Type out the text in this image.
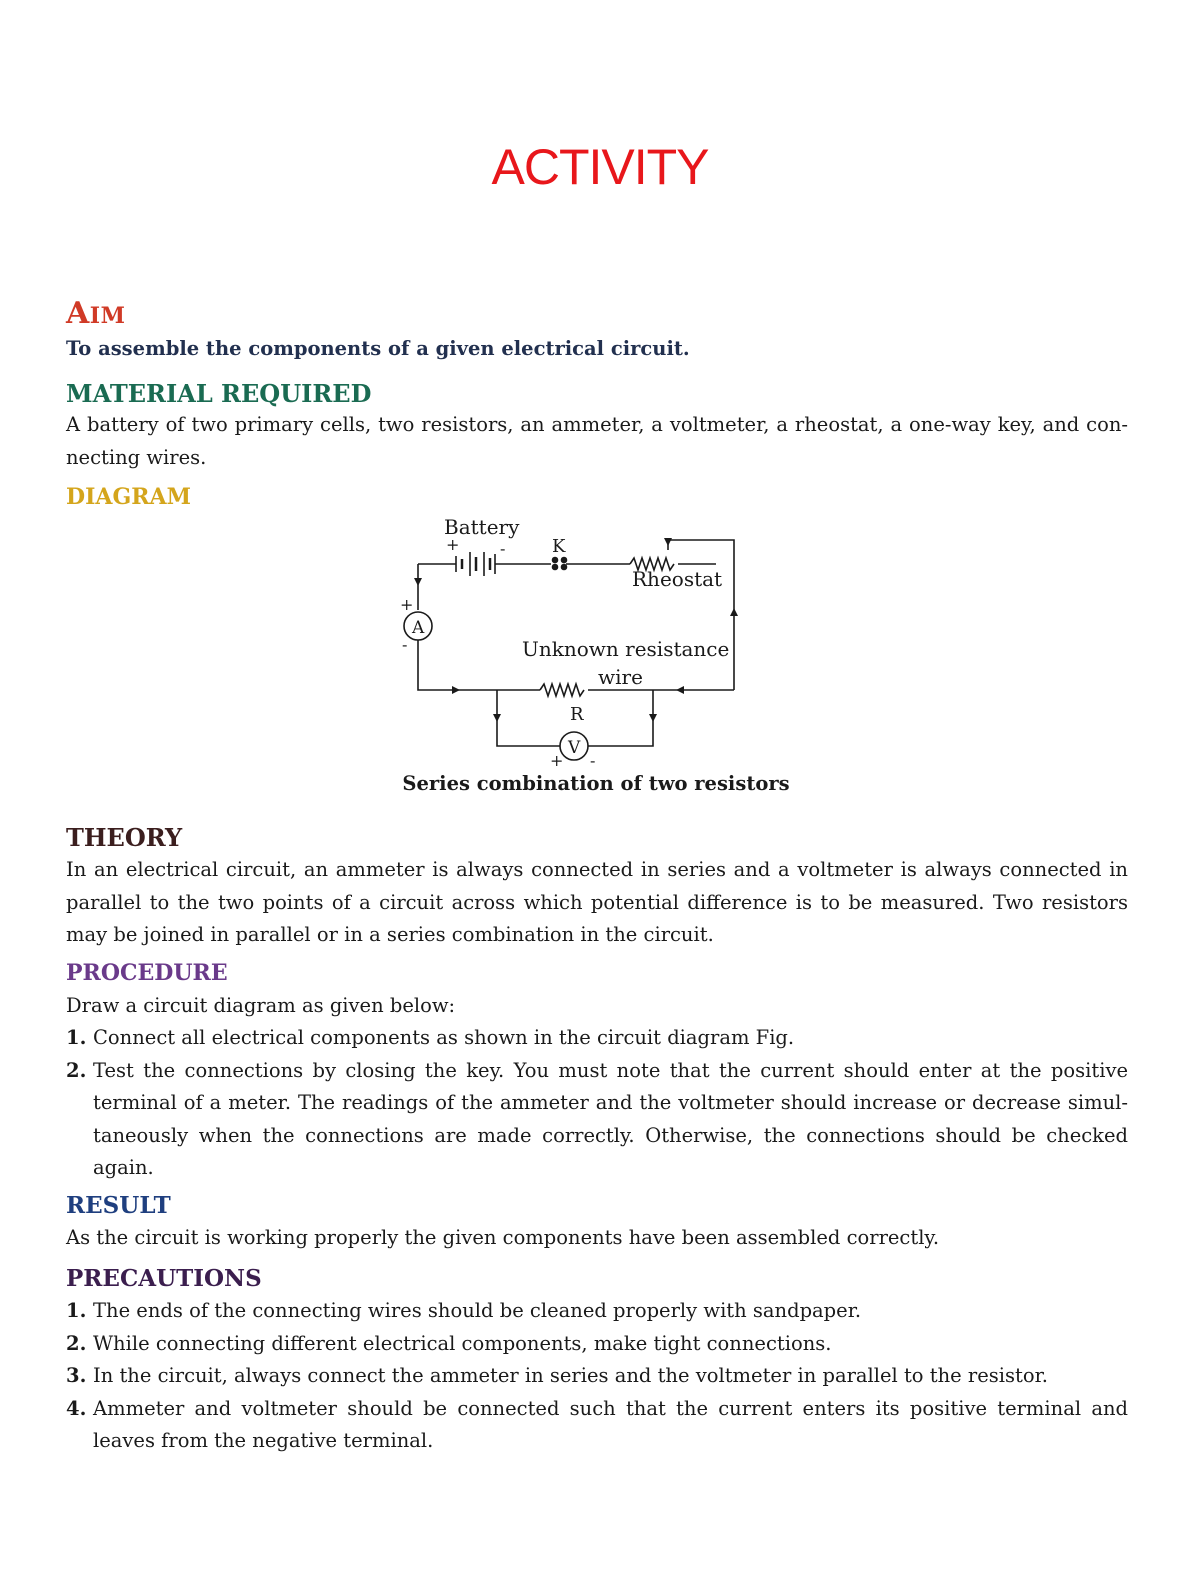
ACTIVITY
AIM
To assemble the components of a given electrical circuit.
MATERIAL REQUIRED
A battery of two primary cells, two resistors, an ammeter, a voltmeter, a rheostat, a one-way key, and con-necting wires.
DIAGRAM
Battery
+	-	K
Rheostat
A
+
-	Unknown resistance
wire
R
V
+ -
Series combination of two resistors
THEORY
In an electrical circuit, an ammeter is always connected in series and a voltmeter is always connected in parallel to the two points of a circuit across which potential difference is to be measured. Two resistors may be joined in parallel or in a series combination in the circuit.
PROCEDURE
Draw a circuit diagram as given below:
1. Connect all electrical components as shown in the circuit diagram Fig.
2. Test the connections by closing the key. You must note that the current should enter at the positive terminal of a meter. The readings of the ammeter and the voltmeter should increase or decrease simul-taneously when the connections are made correctly. Otherwise, the connections should be checked again.
RESULT
As the circuit is working properly the given components have been assembled correctly.
PRECAUTIONS
1. The ends of the connecting wires should be cleaned properly with sandpaper.
2. While connecting different electrical components, make tight connections.
3. In the circuit, always connect the ammeter in series and the voltmeter in parallel to the resistor.
4. Ammeter and voltmeter should be connected such that the current enters its positive terminal and leaves from the negative terminal.
